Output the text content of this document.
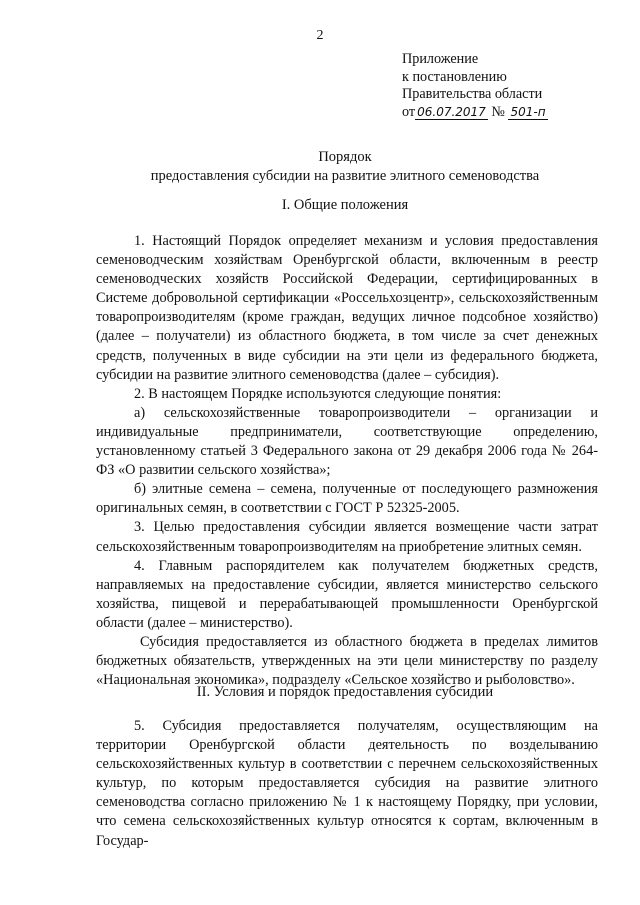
2
Приложение
к постановлению
Правительства области
от 06.07.2017 № 501-п
Порядок
предоставления субсидии на развитие элитного семеноводства
I. Общие положения

1. Настоящий Порядок определяет механизм и условия предоставления семеноводческим хозяйствам Оренбургской области, включенным в реестр семеноводческих хозяйств Российской Федерации, сертифицированных в Системе добровольной сертификации «Россельхозцентр», сельскохозяйственным товаропроизводителям (кроме граждан, ведущих личное подсобное хозяйство) (далее – получатели) из областного бюджета, в том числе за счет денежных средств, полученных в виде субсидии на эти цели из федерального бюджета, субсидии на развитие элитного семеноводства (далее – субсидия).

2. В настоящем Порядке используются следующие понятия:

а) сельскохозяйственные товаропроизводители – организации и индивидуальные предприниматели, соответствующие определению, установленному статьей 3 Федерального закона от 29 декабря 2006 года № 264-ФЗ «О развитии сельского хозяйства»;

б) элитные семена – семена, полученные от последующего размножения оригинальных семян, в соответствии с ГОСТ Р 52325-2005.

3. Целью предоставления субсидии является возмещение части затрат сельскохозяйственным товаропроизводителям на приобретение элитных семян.

4. Главным распорядителем как получателем бюджетных средств, направляемых на предоставление субсидии, является министерство сельского хозяйства, пищевой и перерабатывающей промышленности Оренбургской области (далее – министерство).

Субсидия предоставляется из областного бюджета в пределах лимитов бюджетных обязательств, утвержденных на эти цели министерству по разделу «Национальная экономика», подразделу «Сельское хозяйство и рыболовство».

II. Условия и порядок предоставления субсидии

5. Субсидия предоставляется получателям, осуществляющим на территории Оренбургской области деятельность по возделыванию сельскохозяйственных культур в соответствии с перечнем сельскохозяйственных культур, по которым предоставляется субсидия на развитие элитного семеноводства согласно приложению № 1 к настоящему Порядку, при условии, что семена сельскохозяйственных культур относятся к сортам, включенным в Государ-
